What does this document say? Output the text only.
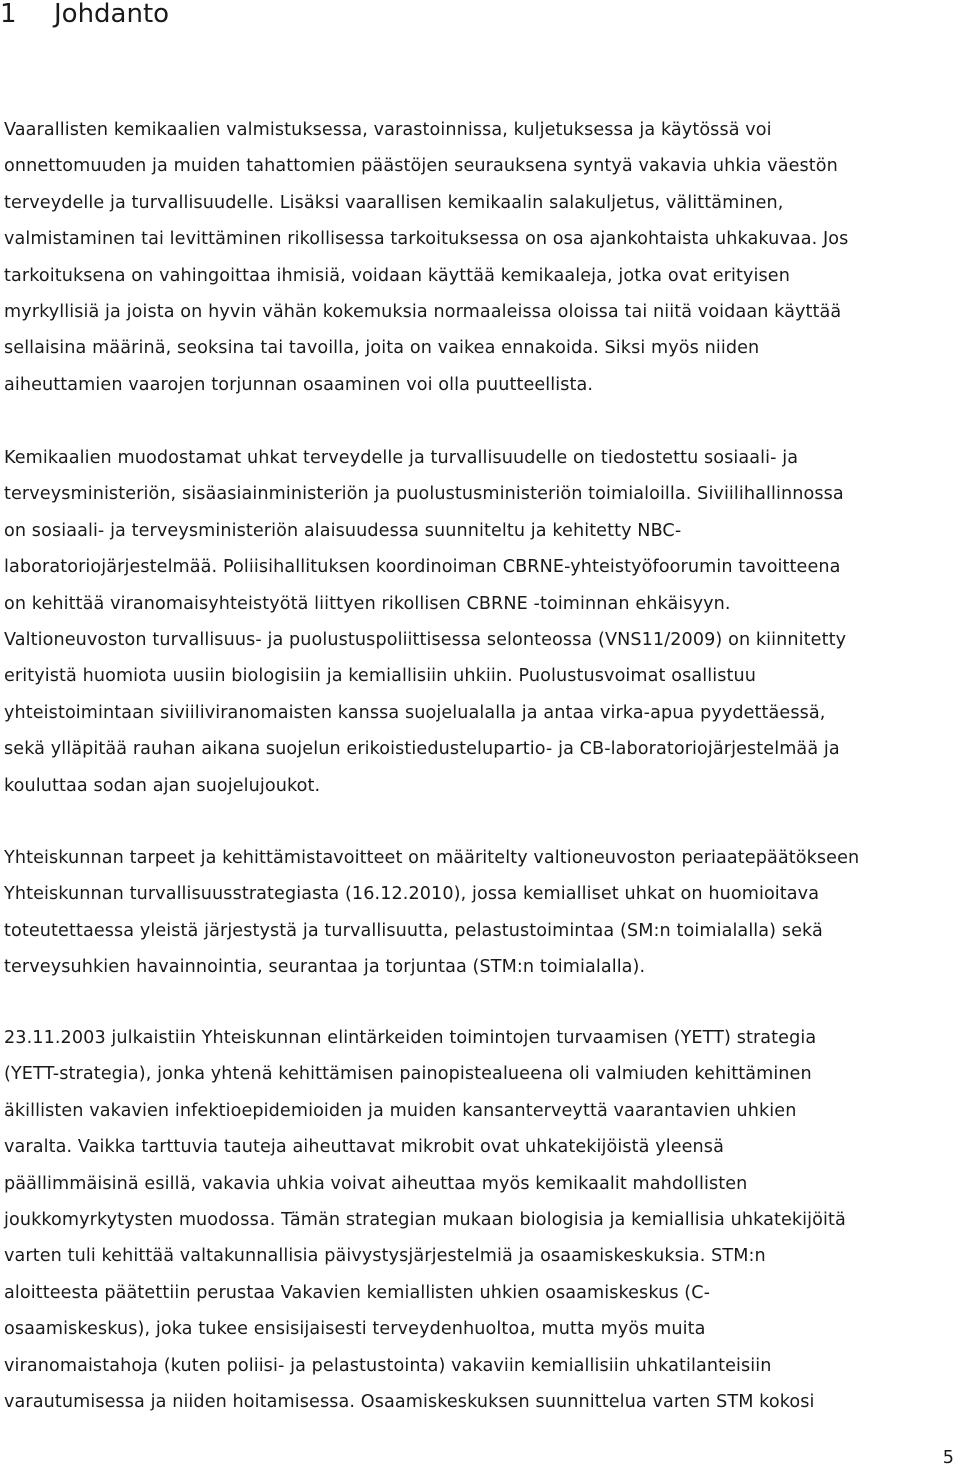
1 Johdanto

Vaarallisten kemikaalien valmistuksessa, varastoinnissa, kuljetuksessa ja käytössä voi

onnettomuuden ja muiden tahattomien päästöjen seurauksena syntyä vakavia uhkia väestön

terveydelle ja turvallisuudelle. Lisäksi vaarallisen kemikaalin salakuljetus, välittäminen,

valmistaminen tai levittäminen rikollisessa tarkoituksessa on osa ajankohtaista uhkakuvaa. Jos

tarkoituksena on vahingoittaa ihmisiä, voidaan käyttää kemikaaleja, jotka ovat erityisen

myrkyllisiä ja joista on hyvin vähän kokemuksia normaaleissa oloissa tai niitä voidaan käyttää

sellaisina määrinä, seoksina tai tavoilla, joita on vaikea ennakoida. Siksi myös niiden

aiheuttamien vaarojen torjunnan osaaminen voi olla puutteellista.

Kemikaalien muodostamat uhkat terveydelle ja turvallisuudelle on tiedostettu sosiaali- ja

terveysministeriön, sisäasiainministeriön ja puolustusministeriön toimialoilla. Siviilihallinnossa

on sosiaali- ja terveysministeriön alaisuudessa suunniteltu ja kehitetty NBC-

laboratoriojärjestelmää. Poliisihallituksen koordinoiman CBRNE-yhteistyöfoorumin tavoitteena

on kehittää viranomaisyhteistyötä liittyen rikollisen CBRNE -toiminnan ehkäisyyn.

Valtioneuvoston turvallisuus- ja puolustuspoliittisessa selonteossa (VNS11/2009) on kiinnitetty

erityistä huomiota uusiin biologisiin ja kemiallisiin uhkiin. Puolustusvoimat osallistuu

yhteistoimintaan siviiliviranomaisten kanssa suojelualalla ja antaa virka-apua pyydettäessä,

sekä ylläpitää rauhan aikana suojelun erikoistiedustelupartio- ja CB-laboratoriojärjestelmää ja

kouluttaa sodan ajan suojelujoukot.

Yhteiskunnan tarpeet ja kehittämistavoitteet on määritelty valtioneuvoston periaatepäätökseen

Yhteiskunnan turvallisuusstrategiasta (16.12.2010), jossa kemialliset uhkat on huomioitava

toteutettaessa yleistä järjestystä ja turvallisuutta, pelastustoimintaa (SM:n toimialalla) sekä

terveysuhkien havainnointia, seurantaa ja torjuntaa (STM:n toimialalla).

23.11.2003 julkaistiin Yhteiskunnan elintärkeiden toimintojen turvaamisen (YETT) strategia

(YETT-strategia), jonka yhtenä kehittämisen painopistealueena oli valmiuden kehittäminen

äkillisten vakavien infektioepidemioiden ja muiden kansanterveyttä vaarantavien uhkien

varalta. Vaikka tarttuvia tauteja aiheuttavat mikrobit ovat uhkatekijöistä yleensä

päällimmäisinä esillä, vakavia uhkia voivat aiheuttaa myös kemikaalit mahdollisten

joukkomyrkytysten muodossa. Tämän strategian mukaan biologisia ja kemiallisia uhkatekijöitä

varten tuli kehittää valtakunnallisia päivystysjärjestelmiä ja osaamiskeskuksia. STM:n

aloitteesta päätettiin perustaa Vakavien kemiallisten uhkien osaamiskeskus (C-

osaamiskeskus), joka tukee ensisijaisesti terveydenhuoltoa, mutta myös muita

viranomaistahoja (kuten poliisi- ja pelastustointa) vakaviin kemiallisiin uhkatilanteisiin

varautumisessa ja niiden hoitamisessa. Osaamiskeskuksen suunnittelua varten STM kokosi

5
